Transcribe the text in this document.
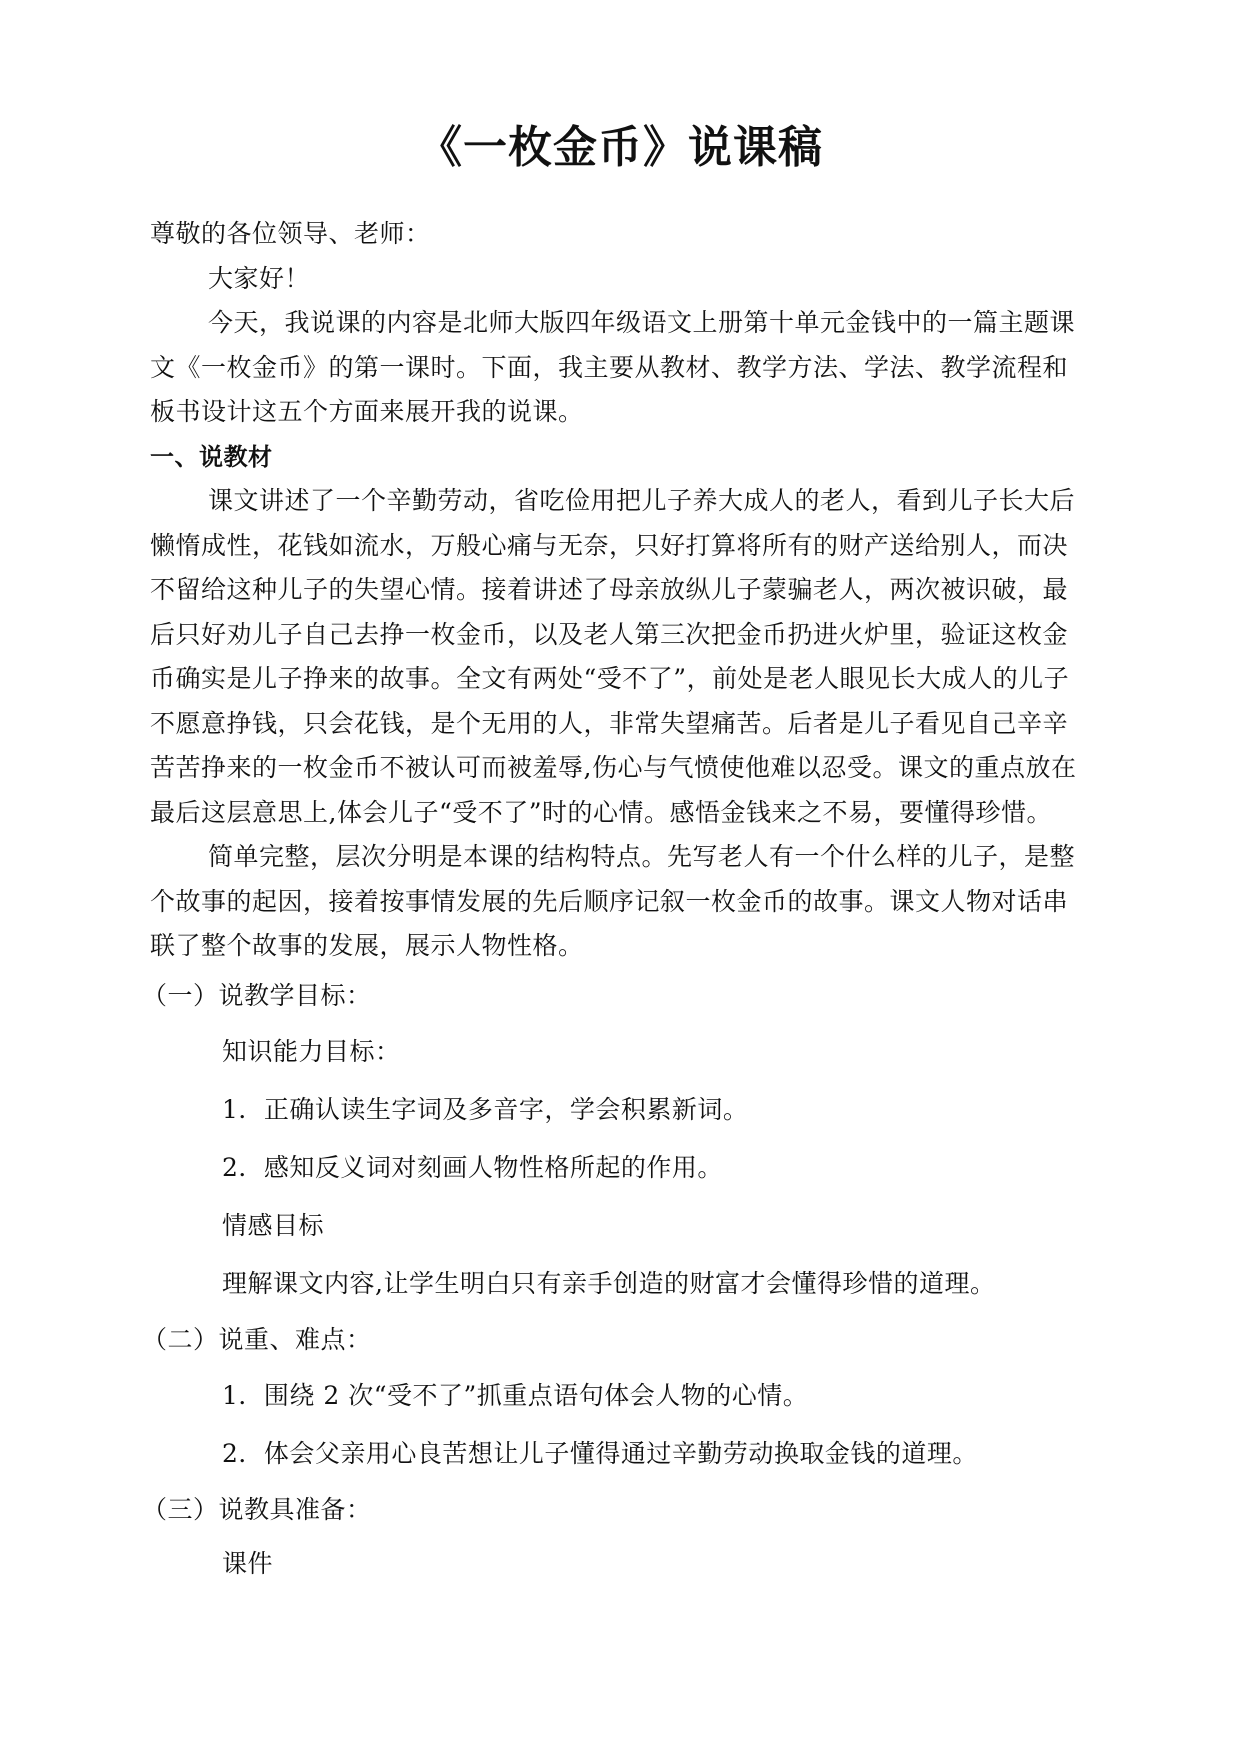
《一枚金币》说课稿

尊敬的各位领导、老师：

大家好！

今天，我说课的内容是北师大版四年级语文上册第十单元金钱中的一篇主题课文《一枚金币》的第一课时。下面，我主要从教材、教学方法、学法、教学流程和板书设计这五个方面来展开我的说课。

一、说教材

课文讲述了一个辛勤劳动，省吃俭用把儿子养大成人的老人，看到儿子长大后懒惰成性，花钱如流水，万般心痛与无奈，只好打算将所有的财产送给别人，而决不留给这种儿子的失望心情。接着讲述了母亲放纵儿子蒙骗老人，两次被识破，最后只好劝儿子自己去挣一枚金币，以及老人第三次把金币扔进火炉里，验证这枚金币确实是儿子挣来的故事。全文有两处“受不了”，前处是老人眼见长大成人的儿子不愿意挣钱，只会花钱，是个无用的人，非常失望痛苦。后者是儿子看见自己辛辛苦苦挣来的一枚金币不被认可而被羞辱,伤心与气愤使他难以忍受。课文的重点放在最后这层意思上,体会儿子“受不了”时的心情。感悟金钱来之不易，要懂得珍惜。

简单完整，层次分明是本课的结构特点。先写老人有一个什么样的儿子，是整个故事的起因，接着按事情发展的先后顺序记叙一枚金币的故事。课文人物对话串联了整个故事的发展，展示人物性格。

（一）说教学目标：

知识能力目标：

1．正确认读生字词及多音字，学会积累新词。

2．感知反义词对刻画人物性格所起的作用。

情感目标

理解课文内容,让学生明白只有亲手创造的财富才会懂得珍惜的道理。

（二）说重、难点：

1．围绕 2 次“受不了”抓重点语句体会人物的心情。

2．体会父亲用心良苦想让儿子懂得通过辛勤劳动换取金钱的道理。

（三）说教具准备：

课件
